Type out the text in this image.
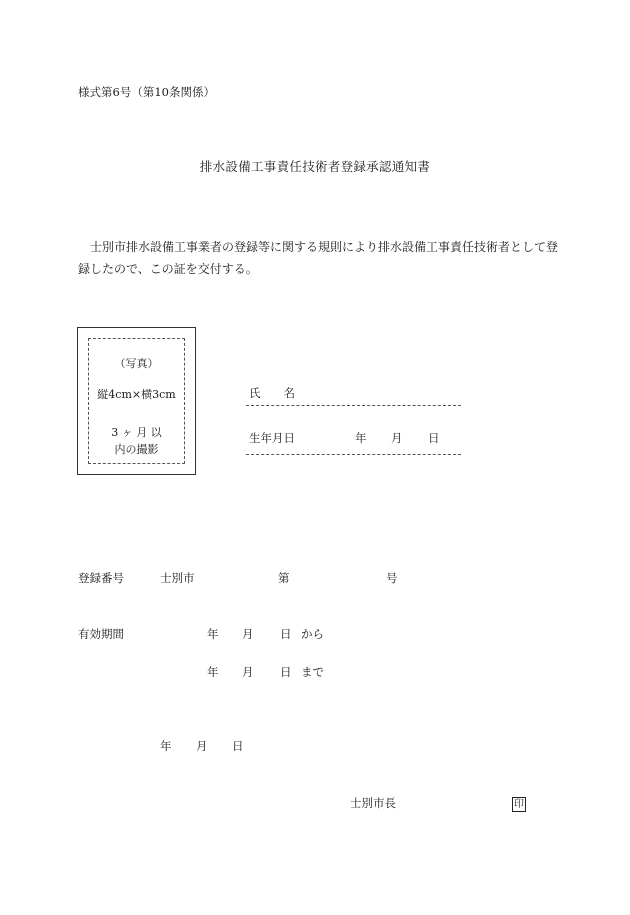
様式第6号（第10条関係）
排水設備工事責任技術者登録承認通知書
士別市排水設備工事業者の登録等に関する規則により排水設備工事責任技術者として登
録したので、この証を交付する。
（写真）
縦4cm×横3cm
3 ヶ 月 以
内の撮影
氏　　名
生年月日	年 月 日
登録番号	士別市	第	号
有効期間	年 月 日 から
年 月 日 まで
年 月 日
士別市長	印
